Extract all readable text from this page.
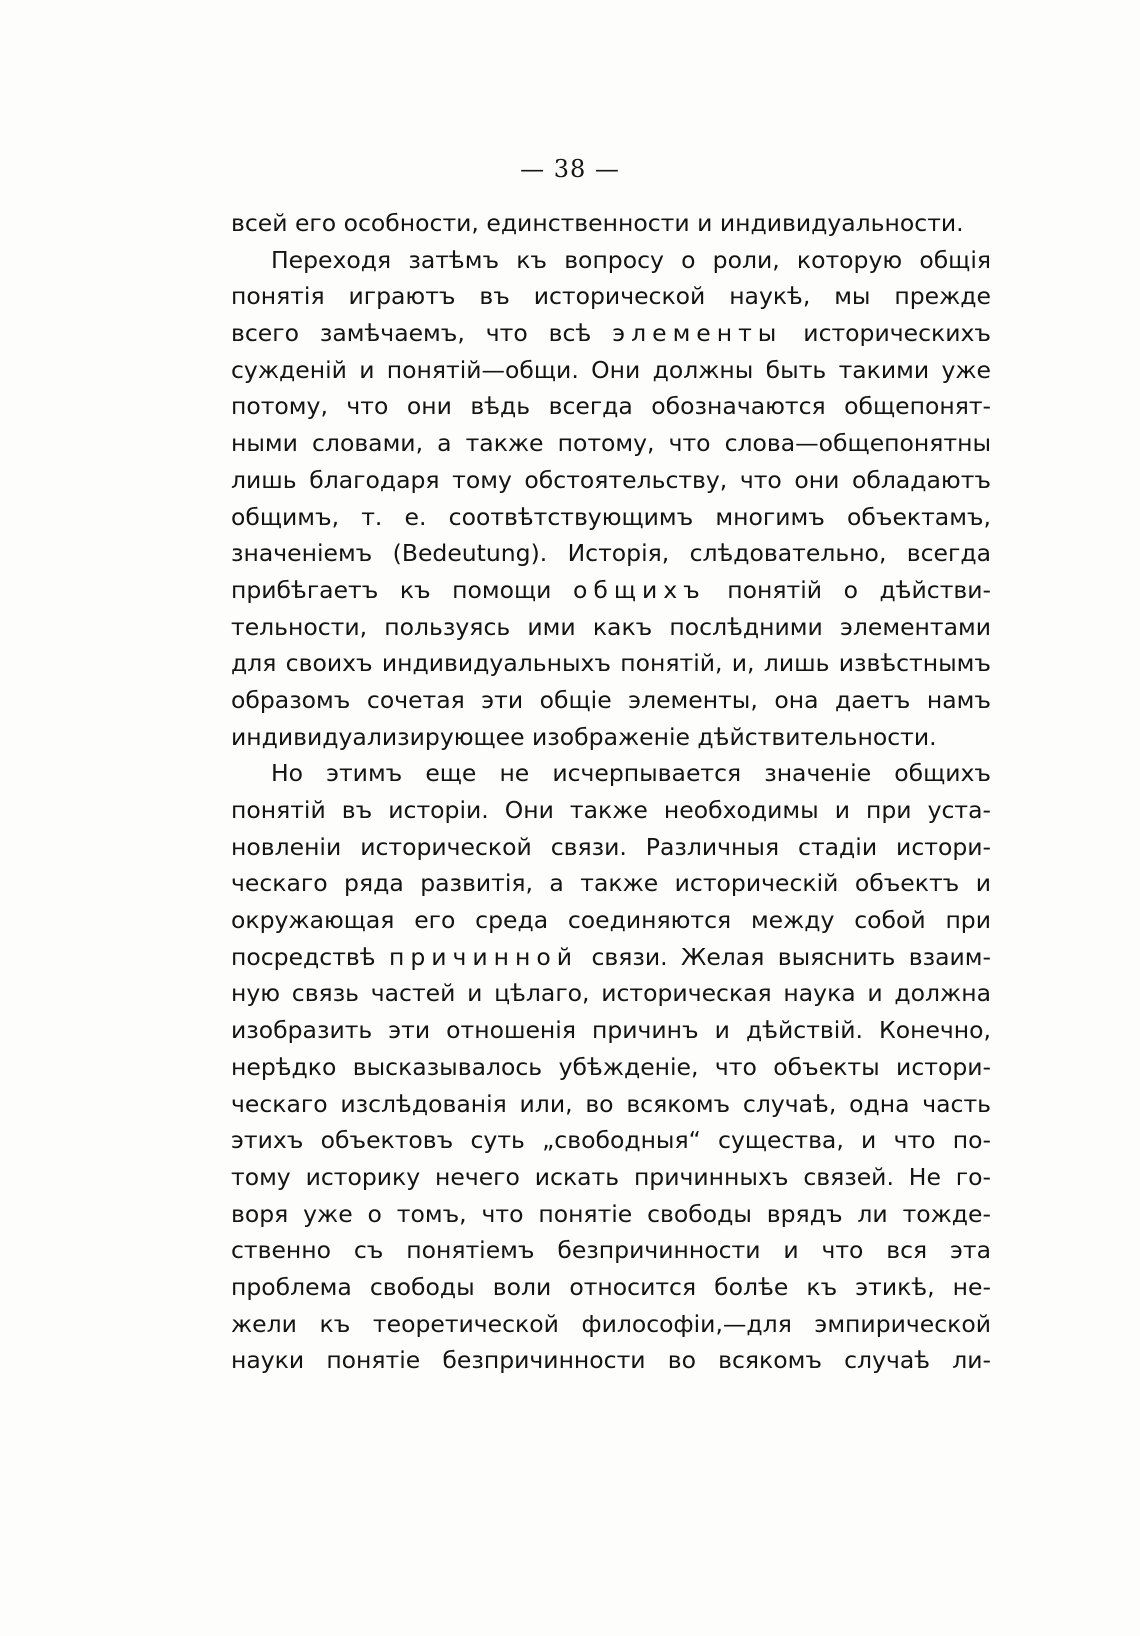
— 38 —
всей его особности, единственности и индивидуальности.
Переходя затѣмъ къ вопросу о роли, которую общія
понятія играютъ въ исторической наукѣ, мы прежде
всего замѣчаемъ, что всѣ элементы историческихъ
сужденій и понятій—общи. Они должны быть такими уже
потому, что они вѣдь всегда обозначаются общепонят-
ными словами, а также потому, что слова—общепонятны
лишь благодаря тому обстоятельству, что они обладаютъ
общимъ, т. е. соотвѣтствующимъ многимъ объектамъ,
значеніемъ (Bedeutung). Исторія, слѣдовательно, всегда
прибѣгаетъ къ помощи общихъ понятій о дѣйстви-
тельности, пользуясь ими какъ послѣдними элементами
для своихъ индивидуальныхъ понятій, и, лишь извѣстнымъ
образомъ сочетая эти общіе элементы, она даетъ намъ
индивидуализирующее изображеніе дѣйствительности.
Но этимъ еще не исчерпывается значеніе общихъ
понятій въ исторіи. Они также необходимы и при уста-
новленіи исторической связи. Различныя стадіи истори-
ческаго ряда развитія, а также историческій объектъ и
окружающая его среда соединяются между собой при
посредствѣ причинной связи. Желая выяснить взаим-
ную связь частей и цѣлаго, историческая наука и должна
изобразить эти отношенія причинъ и дѣйствій. Конечно,
нерѣдко высказывалось убѣжденіе, что объекты истори-
ческаго изслѣдованія или, во всякомъ случаѣ, одна часть
этихъ объектовъ суть „свободныя“ существа, и что по-
тому историку нечего искать причинныхъ связей. Не го-
воря уже о томъ, что понятіе свободы врядъ ли тожде-
ственно съ понятіемъ безпричинности и что вся эта
проблема свободы воли относится болѣе къ этикѣ, не-
жели къ теоретической философіи,—для эмпирической
науки понятіе безпричинности во всякомъ случаѣ ли-
